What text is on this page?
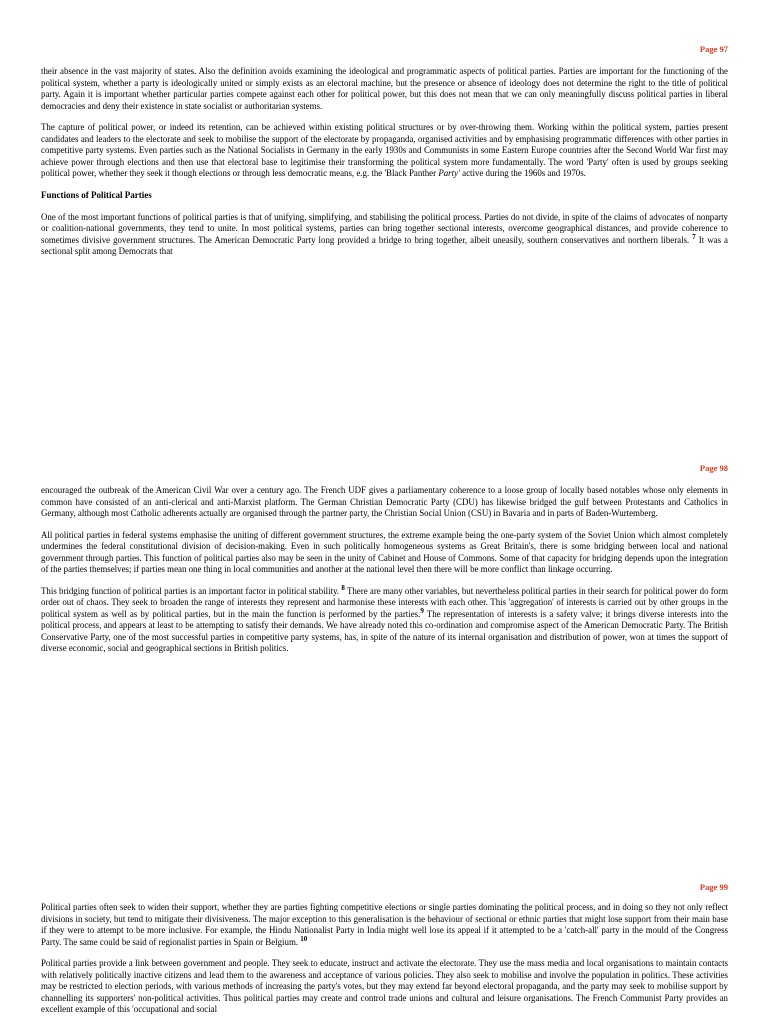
Page 97

their absence in the vast majority of states. Also the definition avoids examining the ideological and programmatic aspects of political parties. Parties are important for the functioning of the political system, whether a party is ideologically united or simply exists as an electoral machine, but the presence or absence of ideology does not determine the right to the title of political party. Again it is important whether particular parties compete against each other for political power, but this does not mean that we can only meaningfully discuss political parties in liberal democracies and deny their existence in state socialist or authoritarian systems.

The capture of political power, or indeed its retention, can be achieved within existing political structures or by over-throwing them. Working within the political system, parties present candidates and leaders to the electorate and seek to mobilise the support of the electorate by propaganda, organised activities and by emphasising programmatic differences with other parties in competitive party systems. Even parties such as the National Socialists in Germany in the early 1930s and Communists in some Eastern Europe countries after the Second World War first may achieve power through elections and then use that electoral base to legitimise their transforming the political system more fundamentally. The word 'Party' often is used by groups seeking political power, whether they seek it though elections or through less democratic means, e.g. the 'Black Panther Party' active during the 1960s and 1970s.

Functions of Political Parties

One of the most important functions of political parties is that of unifying, simplifying, and stabilising the political process. Parties do not divide, in spite of the claims of advocates of nonparty or coalition-national governments, they tend to unite. In most political systems, parties can bring together sectional interests, overcome geographical distances, and provide coherence to sometimes divisive government structures. The American Democratic Party long provided a bridge to bring together, albeit uneasily, southern conservatives and northern liberals. $^7$ It was a sectional split among Democrats that

Page 98

encouraged the outbreak of the American Civil War over a century ago. The French UDF gives a parliamentary coherence to a loose group of locally based notables whose only elements in common have consisted of an anti-clerical and anti-Marxist platform. The German Christian Democratic Party (CDU) has likewise bridged the gulf between Protestants and Catholics in Germany, although most Catholic adherents actually are organised through the partner party, the Christian Social Union (CSU) in Bavaria and in parts of Baden-Wurtemberg.

All political parties in federal systems emphasise the uniting of different government structures, the extreme example being the one-party system of the Soviet Union which almost completely undermines the federal constitutional division of decision-making. Even in such politically homogeneous systems as Great Britain's, there is some bridging between local and national government through parties. This function of political parties also may be seen in the unity of Cabinet and House of Commons. Some of that capacity for bridging depends upon the integration of the parties themselves; if parties mean one thing in local communities and another at the national level then there will be more conflict than linkage occurring.

This bridging function of political parties is an important factor in political stability. $^8$ There are many other variables, but nevertheless political parties in their search for political power do form order out of chaos. They seek to broaden the range of interests they represent and harmonise these interests with each other. This 'aggregation' of interests is carried out by other groups in the political system as well as by political parties, but in the main the function is performed by the parties.$^9$ The representation of interests is a safety valve; it brings diverse interests into the political process, and appears at least to be attempting to satisfy their demands. We have already noted this co-ordination and compromise aspect of the American Democratic Party. The British Conservative Party, one of the most successful parties in competitive party systems, has, in spite of the nature of its internal organisation and distribution of power, won at times the support of diverse economic, social and geographical sections in British politics.

Page 99

Political parties often seek to widen their support, whether they are parties fighting competitive elections or single parties dominating the political process, and in doing so they not only reflect divisions in society, but tend to mitigate their divisiveness. The major exception to this generalisation is the behaviour of sectional or ethnic parties that might lose support from their main base if they were to attempt to be more inclusive. For example, the Hindu Nationalist Party in India might well lose its appeal if it attempted to be a 'catch-all' party in the mould of the Congress Party. The same could be said of regionalist parties in Spain or Belgium. $^{10}$

Political parties provide a link between government and people. They seek to educate, instruct and activate the electorate. They use the mass media and local organisations to maintain contacts with relatively politically inactive citizens and lead them to the awareness and acceptance of various policies. They also seek to mobilise and involve the population in politics. These activities may be restricted to election periods, with various methods of increasing the party's votes, but they may extend far beyond electoral propaganda, and the party may seek to mobilise support by channelling its supporters' non-political activities. Thus political parties may create and control trade unions and cultural and leisure organisations. The French Communist Party provides an excellent example of this 'occupational and social
